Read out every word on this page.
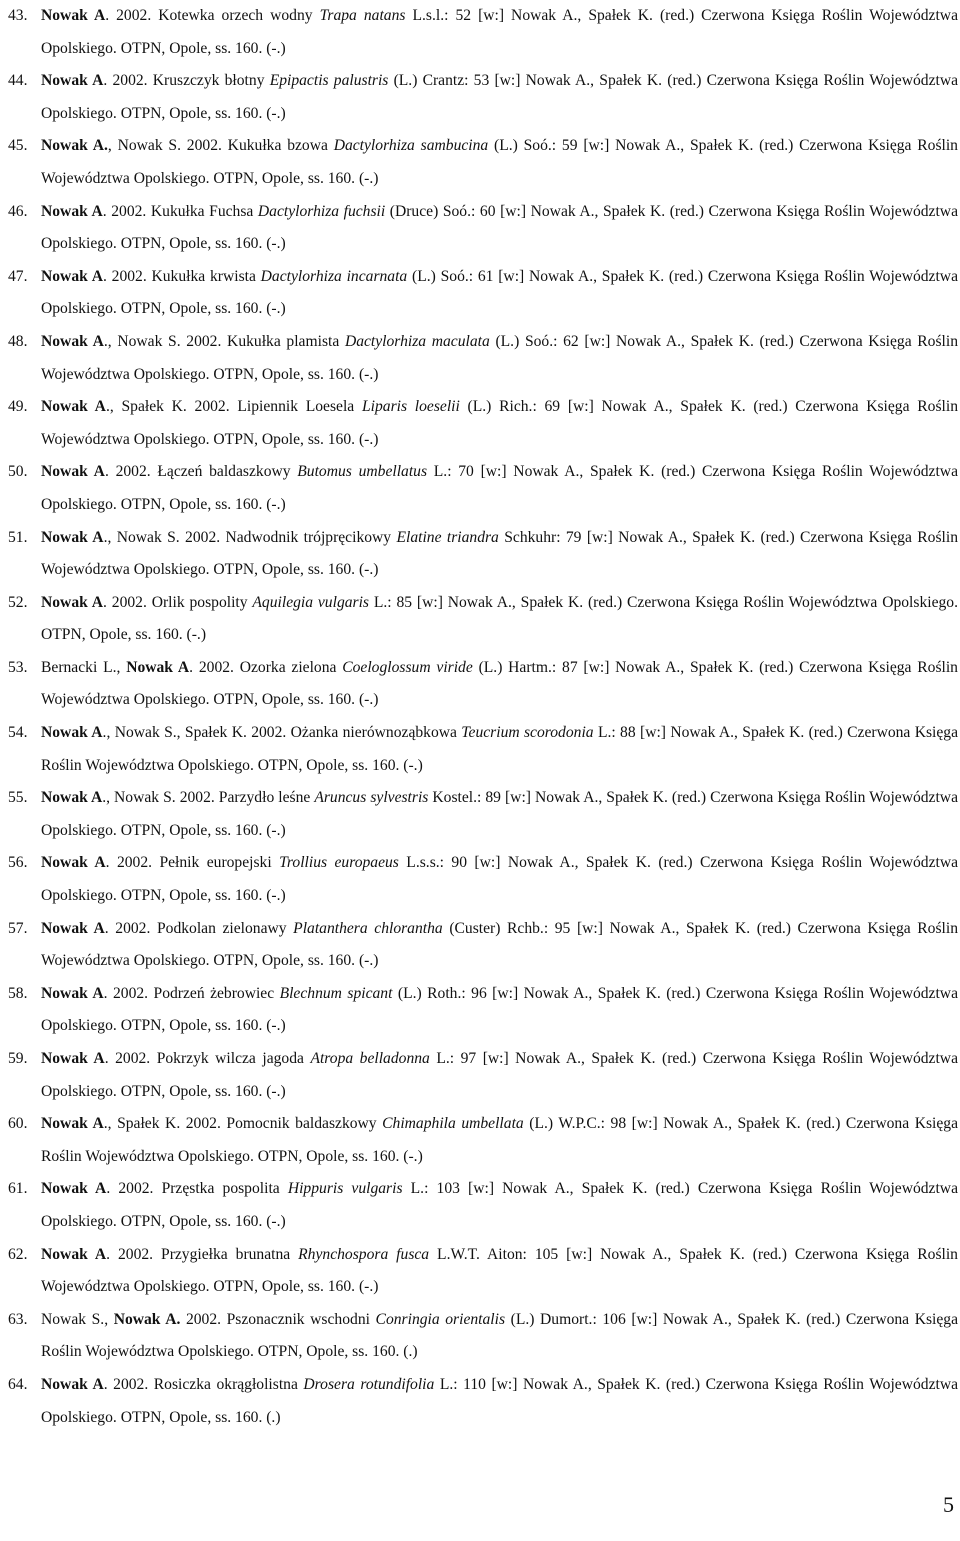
43. Nowak A. 2002. Kotewka orzech wodny Trapa natans L.s.l.: 52 [w:] Nowak A., Spałek K. (red.) Czerwona Księga Roślin Województwa Opolskiego. OTPN, Opole, ss. 160. (-.)
44. Nowak A. 2002. Kruszczyk błotny Epipactis palustris (L.) Crantz: 53 [w:] Nowak A., Spałek K. (red.) Czerwona Księga Roślin Województwa Opolskiego. OTPN, Opole, ss. 160. (-.)
45. Nowak A., Nowak S. 2002. Kukułka bzowa Dactylorhiza sambucina (L.) Soó.: 59 [w:] Nowak A., Spałek K. (red.) Czerwona Księga Roślin Województwa Opolskiego. OTPN, Opole, ss. 160. (-.)
46. Nowak A. 2002. Kukułka Fuchsa Dactylorhiza fuchsii (Druce) Soó.: 60 [w:] Nowak A., Spałek K. (red.) Czerwona Księga Roślin Województwa Opolskiego. OTPN, Opole, ss. 160. (-.)
47. Nowak A. 2002. Kukułka krwista Dactylorhiza incarnata (L.) Soó.: 61 [w:] Nowak A., Spałek K. (red.) Czerwona Księga Roślin Województwa Opolskiego. OTPN, Opole, ss. 160. (-.)
48. Nowak A., Nowak S. 2002. Kukułka plamista Dactylorhiza maculata (L.) Soó.: 62 [w:] Nowak A., Spałek K. (red.) Czerwona Księga Roślin Województwa Opolskiego. OTPN, Opole, ss. 160. (-.)
49. Nowak A., Spałek K. 2002. Lipiennik Loesela Liparis loeselii (L.) Rich.: 69 [w:] Nowak A., Spałek K. (red.) Czerwona Księga Roślin Województwa Opolskiego. OTPN, Opole, ss. 160. (-.)
50. Nowak A. 2002. Łączeń baldaszkowy Butomus umbellatus L.: 70 [w:] Nowak A., Spałek K. (red.) Czerwona Księga Roślin Województwa Opolskiego. OTPN, Opole, ss. 160. (-.)
51. Nowak A., Nowak S. 2002. Nadwodnik trójpręcikowy Elatine triandra Schkuhr: 79 [w:] Nowak A., Spałek K. (red.) Czerwona Księga Roślin Województwa Opolskiego. OTPN, Opole, ss. 160. (-.)
52. Nowak A. 2002. Orlik pospolity Aquilegia vulgaris L.: 85 [w:] Nowak A., Spałek K. (red.) Czerwona Księga Roślin Województwa Opolskiego. OTPN, Opole, ss. 160. (-.)
53. Bernacki L., Nowak A. 2002. Ozorka zielona Coeloglossum viride (L.) Hartm.: 87 [w:] Nowak A., Spałek K. (red.) Czerwona Księga Roślin Województwa Opolskiego. OTPN, Opole, ss. 160. (-.)
54. Nowak A., Nowak S., Spałek K. 2002. Ożanka nierównoząbkowa Teucrium scorodonia L.: 88 [w:] Nowak A., Spałek K. (red.) Czerwona Księga Roślin Województwa Opolskiego. OTPN, Opole, ss. 160. (-.)
55. Nowak A., Nowak S. 2002. Parzydło leśne Aruncus sylvestris Kostel.: 89 [w:] Nowak A., Spałek K. (red.) Czerwona Księga Roślin Województwa Opolskiego. OTPN, Opole, ss. 160. (-.)
56. Nowak A. 2002. Pełnik europejski Trollius europaeus L.s.s.: 90 [w:] Nowak A., Spałek K. (red.) Czerwona Księga Roślin Województwa Opolskiego. OTPN, Opole, ss. 160. (-.)
57. Nowak A. 2002. Podkolan zielonawy Platanthera chlorantha (Custer) Rchb.: 95 [w:] Nowak A., Spałek K. (red.) Czerwona Księga Roślin Województwa Opolskiego. OTPN, Opole, ss. 160. (-.)
58. Nowak A. 2002. Podrzeń żebrowiec Blechnum spicant (L.) Roth.: 96 [w:] Nowak A., Spałek K. (red.) Czerwona Księga Roślin Województwa Opolskiego. OTPN, Opole, ss. 160. (-.)
59. Nowak A. 2002. Pokrzyk wilcza jagoda Atropa belladonna L.: 97 [w:] Nowak A., Spałek K. (red.) Czerwona Księga Roślin Województwa Opolskiego. OTPN, Opole, ss. 160. (-.)
60. Nowak A., Spałek K. 2002. Pomocnik baldaszkowy Chimaphila umbellata (L.) W.P.C.: 98 [w:] Nowak A., Spałek K. (red.) Czerwona Księga Roślin Województwa Opolskiego. OTPN, Opole, ss. 160. (-.)
61. Nowak A. 2002. Przęstka pospolita Hippuris vulgaris L.: 103 [w:] Nowak A., Spałek K. (red.) Czerwona Księga Roślin Województwa Opolskiego. OTPN, Opole, ss. 160. (-.)
62. Nowak A. 2002. Przygiełka brunatna Rhynchospora fusca L.W.T. Aiton: 105 [w:] Nowak A., Spałek K. (red.) Czerwona Księga Roślin Województwa Opolskiego. OTPN, Opole, ss. 160. (-.)
63. Nowak S., Nowak A. 2002. Pszonacznik wschodni Conringia orientalis (L.) Dumort.: 106 [w:] Nowak A., Spałek K. (red.) Czerwona Księga Roślin Województwa Opolskiego. OTPN, Opole, ss. 160. (.)
64. Nowak A. 2002. Rosiczka okrągłolistna Drosera rotundifolia L.: 110 [w:] Nowak A., Spałek K. (red.) Czerwona Księga Roślin Województwa Opolskiego. OTPN, Opole, ss. 160. (.)
5
